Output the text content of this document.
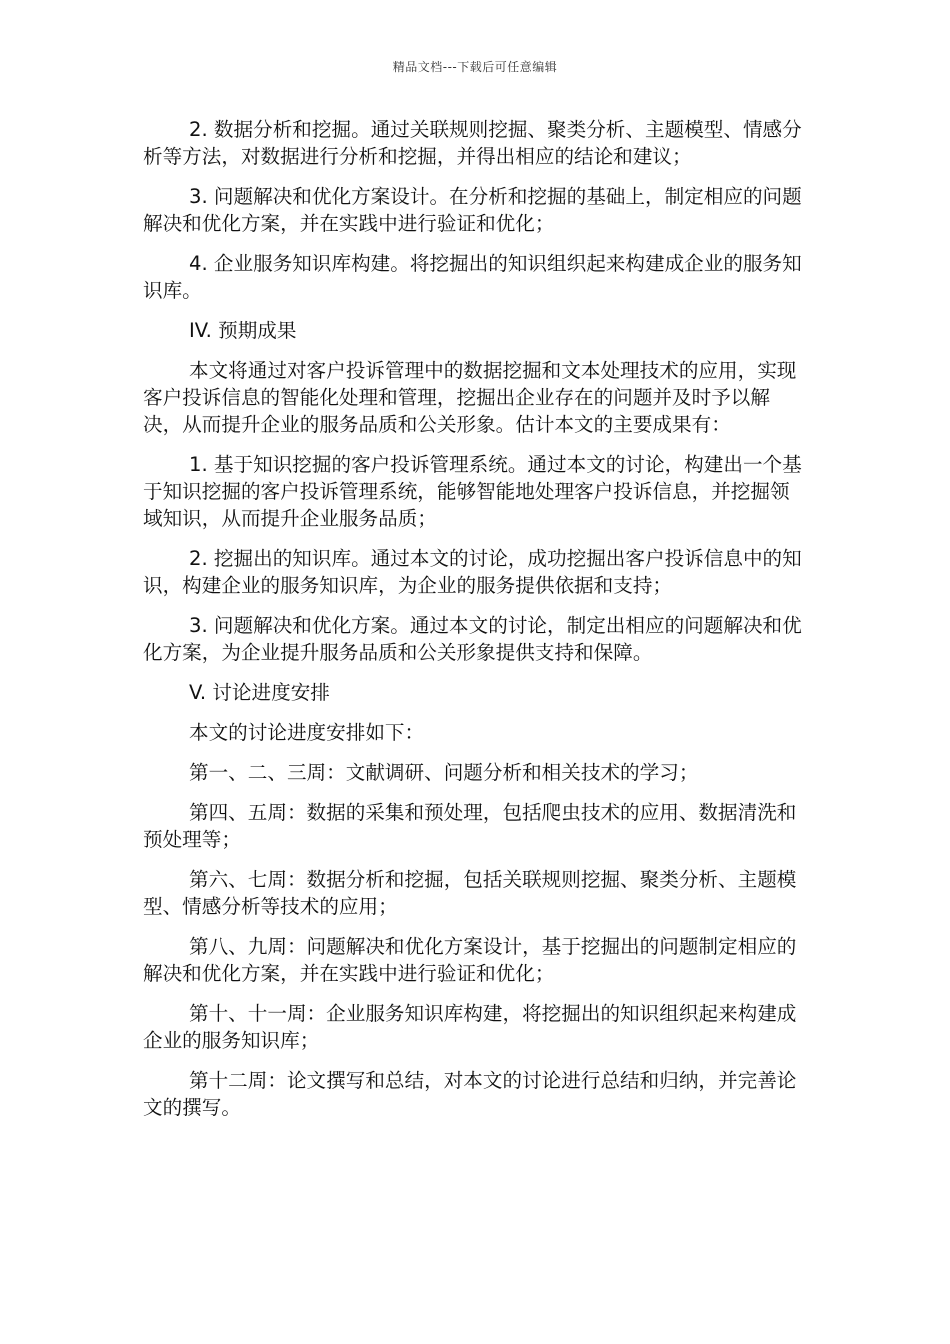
精品文档---下载后可任意编辑

2. 数据分析和挖掘。通过关联规则挖掘、聚类分析、主题模型、情感分析等方法，对数据进行分析和挖掘，并得出相应的结论和建议；

3. 问题解决和优化方案设计。在分析和挖掘的基础上，制定相应的问题解决和优化方案，并在实践中进行验证和优化；

4. 企业服务知识库构建。将挖掘出的知识组织起来构建成企业的服务知识库。

IV. 预期成果

本文将通过对客户投诉管理中的数据挖掘和文本处理技术的应用，实现客户投诉信息的智能化处理和管理，挖掘出企业存在的问题并及时予以解决，从而提升企业的服务品质和公关形象。估计本文的主要成果有：

1. 基于知识挖掘的客户投诉管理系统。通过本文的讨论，构建出一个基于知识挖掘的客户投诉管理系统，能够智能地处理客户投诉信息，并挖掘领域知识，从而提升企业服务品质；

2. 挖掘出的知识库。通过本文的讨论，成功挖掘出客户投诉信息中的知识，构建企业的服务知识库，为企业的服务提供依据和支持；

3. 问题解决和优化方案。通过本文的讨论，制定出相应的问题解决和优化方案，为企业提升服务品质和公关形象提供支持和保障。

V. 讨论进度安排

本文的讨论进度安排如下：

第一、二、三周：文献调研、问题分析和相关技术的学习；

第四、五周：数据的采集和预处理，包括爬虫技术的应用、数据清洗和预处理等；

第六、七周：数据分析和挖掘，包括关联规则挖掘、聚类分析、主题模型、情感分析等技术的应用；

第八、九周：问题解决和优化方案设计，基于挖掘出的问题制定相应的解决和优化方案，并在实践中进行验证和优化；

第十、十一周：企业服务知识库构建，将挖掘出的知识组织起来构建成企业的服务知识库；

第十二周：论文撰写和总结，对本文的讨论进行总结和归纳，并完善论文的撰写。
